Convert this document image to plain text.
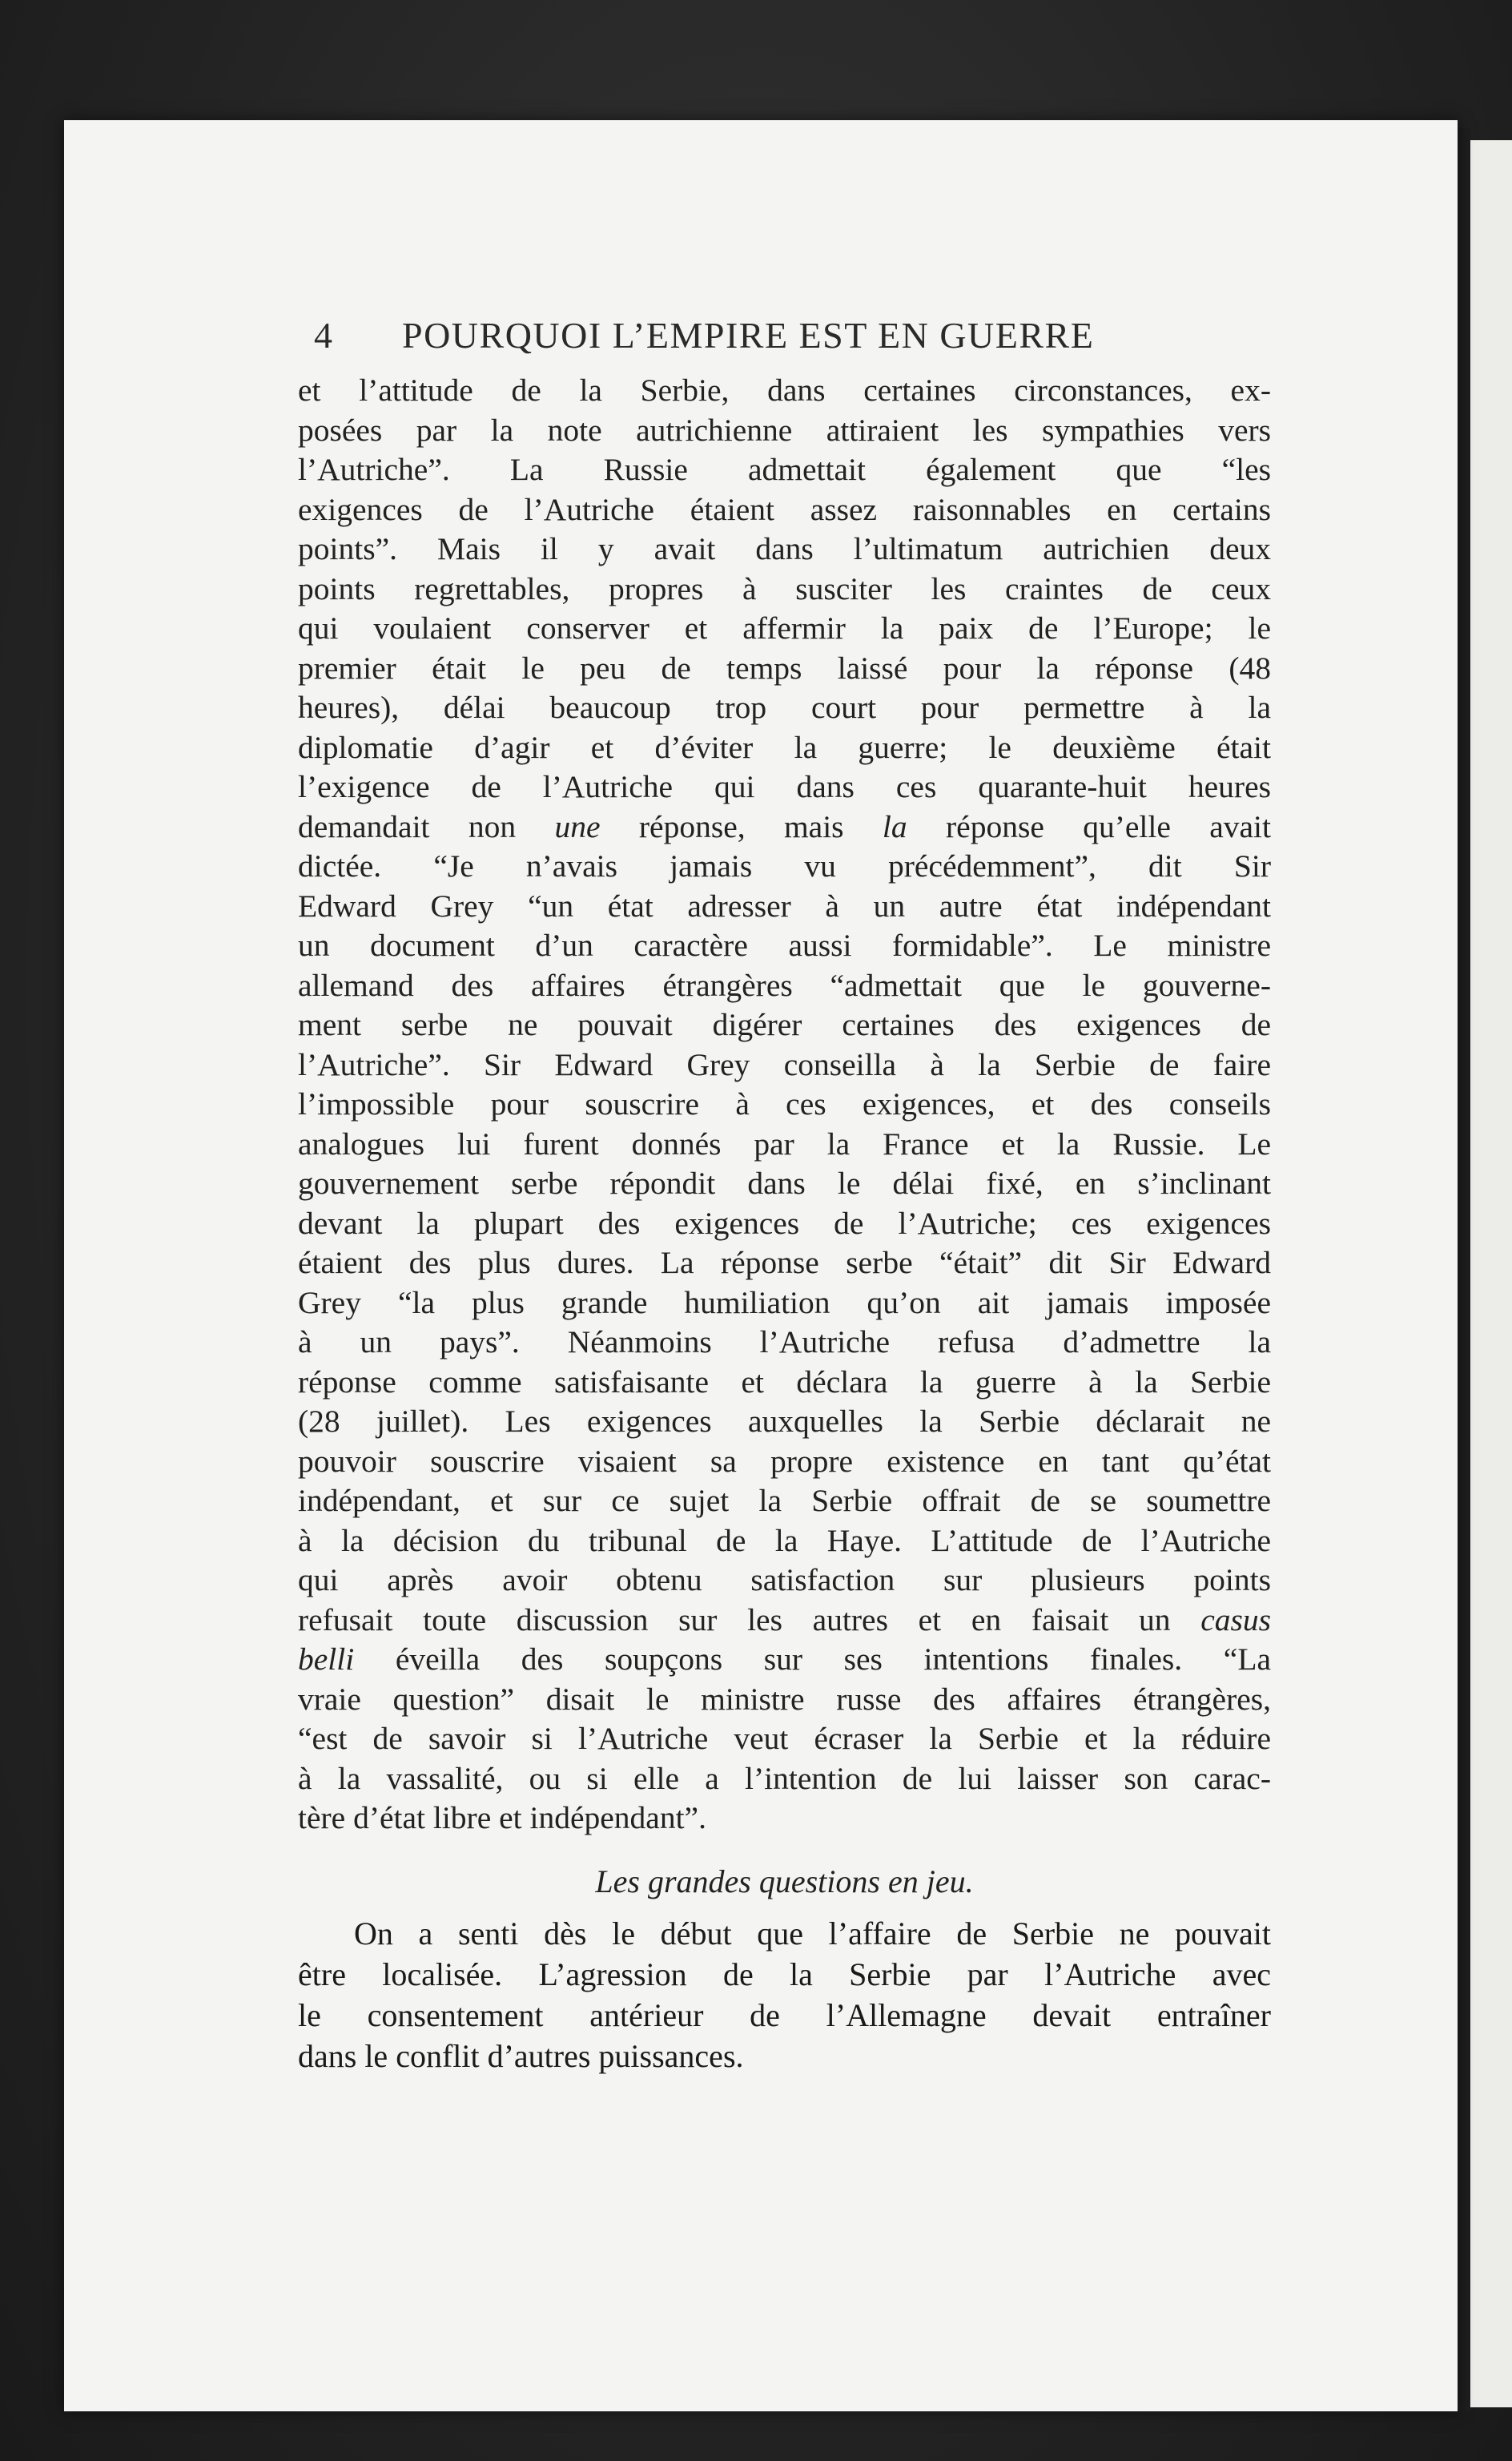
4	POURQUOI L’EMPIRE EST EN GUERRE

et l’attitude de la Serbie, dans certaines circonstances, ex-
posées par la note autrichienne attiraient les sympathies vers
l’Autriche”. La Russie admettait également que “les
exigences de l’Autriche étaient assez raisonnables en certains
points”. Mais il y avait dans l’ultimatum autrichien deux
points regrettables, propres à susciter les craintes de ceux
qui voulaient conserver et affermir la paix de l’Europe; le
premier était le peu de temps laissé pour la réponse (48
heures), délai beaucoup trop court pour permettre à la
diplomatie d’agir et d’éviter la guerre; le deuxième était
l’exigence de l’Autriche qui dans ces quarante-huit heures
demandait non une réponse, mais la réponse qu’elle avait
dictée. “Je n’avais jamais vu précédemment”, dit Sir
Edward Grey “un état adresser à un autre état indépendant
un document d’un caractère aussi formidable”. Le ministre
allemand des affaires étrangères “admettait que le gouverne-
ment serbe ne pouvait digérer certaines des exigences de
l’Autriche”. Sir Edward Grey conseilla à la Serbie de faire
l’impossible pour souscrire à ces exigences, et des conseils
analogues lui furent donnés par la France et la Russie. Le
gouvernement serbe répondit dans le délai fixé, en s’inclinant
devant la plupart des exigences de l’Autriche; ces exigences
étaient des plus dures. La réponse serbe “était” dit Sir Edward
Grey “la plus grande humiliation qu’on ait jamais imposée
à un pays”. Néanmoins l’Autriche refusa d’admettre la
réponse comme satisfaisante et déclara la guerre à la Serbie
(28 juillet). Les exigences auxquelles la Serbie déclarait ne
pouvoir souscrire visaient sa propre existence en tant qu’état
indépendant, et sur ce sujet la Serbie offrait de se soumettre
à la décision du tribunal de la Haye. L’attitude de l’Autriche
qui après avoir obtenu satisfaction sur plusieurs points
refusait toute discussion sur les autres et en faisait un casus
belli éveilla des soupçons sur ses intentions finales. “La
vraie question” disait le ministre russe des affaires étrangères,
“est de savoir si l’Autriche veut écraser la Serbie et la réduire
à la vassalité, ou si elle a l’intention de lui laisser son carac-
tère d’état libre et indépendant”.

Les grandes questions en jeu.

On a senti dès le début que l’affaire de Serbie ne pouvait
être localisée. L’agression de la Serbie par l’Autriche avec
le consentement antérieur de l’Allemagne devait entraîner
dans le conflit d’autres puissances.
